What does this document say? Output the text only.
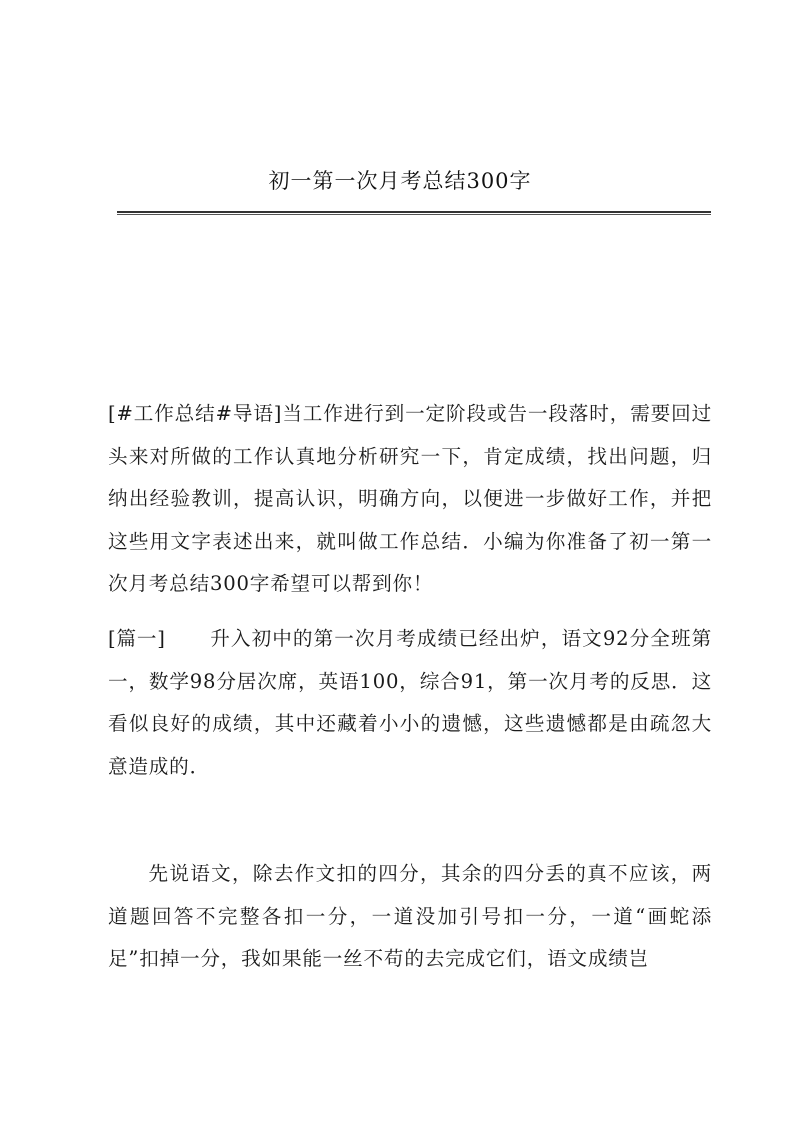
初一第一次月考总结300字

[#工作总结#导语]当工作进行到一定阶段或告一段落时，需要回过头来对所做的工作认真地分析研究一下，肯定成绩，找出问题，归纳出经验教训，提高认识，明确方向，以便进一步做好工作，并把这些用文字表述出来，就叫做工作总结．小编为你准备了初一第一次月考总结300字希望可以帮到你！

[篇一] 升入初中的第一次月考成绩已经出炉，语文92分全班第一，数学98分居次席，英语100，综合91，第一次月考的反思．这看似良好的成绩，其中还藏着小小的遗憾，这些遗憾都是由疏忽大意造成的．

先说语文，除去作文扣的四分，其余的四分丢的真不应该，两道题回答不完整各扣一分，一道没加引号扣一分，一道“画蛇添足”扣掉一分，我如果能一丝不苟的去完成它们，语文成绩岂
